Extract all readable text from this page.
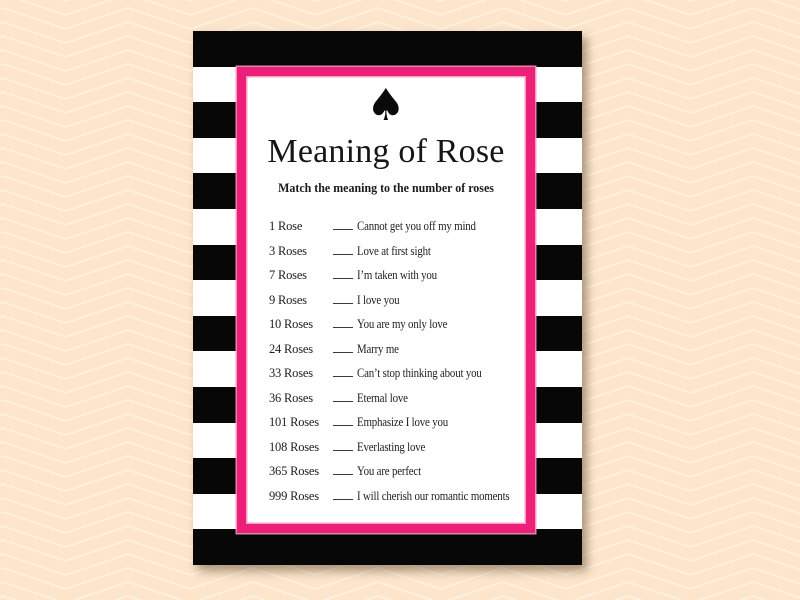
♠
Meaning of Rose
Match the meaning to the number of roses
1 Rose	Cannot get you off my mind
3 Roses	Love at first sight
7 Roses	I’m taken with you
9 Roses	I love you
10 Roses	You are my only love
24 Roses	Marry me
33 Roses	Can’t stop thinking about you
36 Roses	Eternal love
101 Roses	Emphasize I love you
108 Roses	Everlasting love
365 Roses	You are perfect
999 Roses	I will cherish our romantic moments
